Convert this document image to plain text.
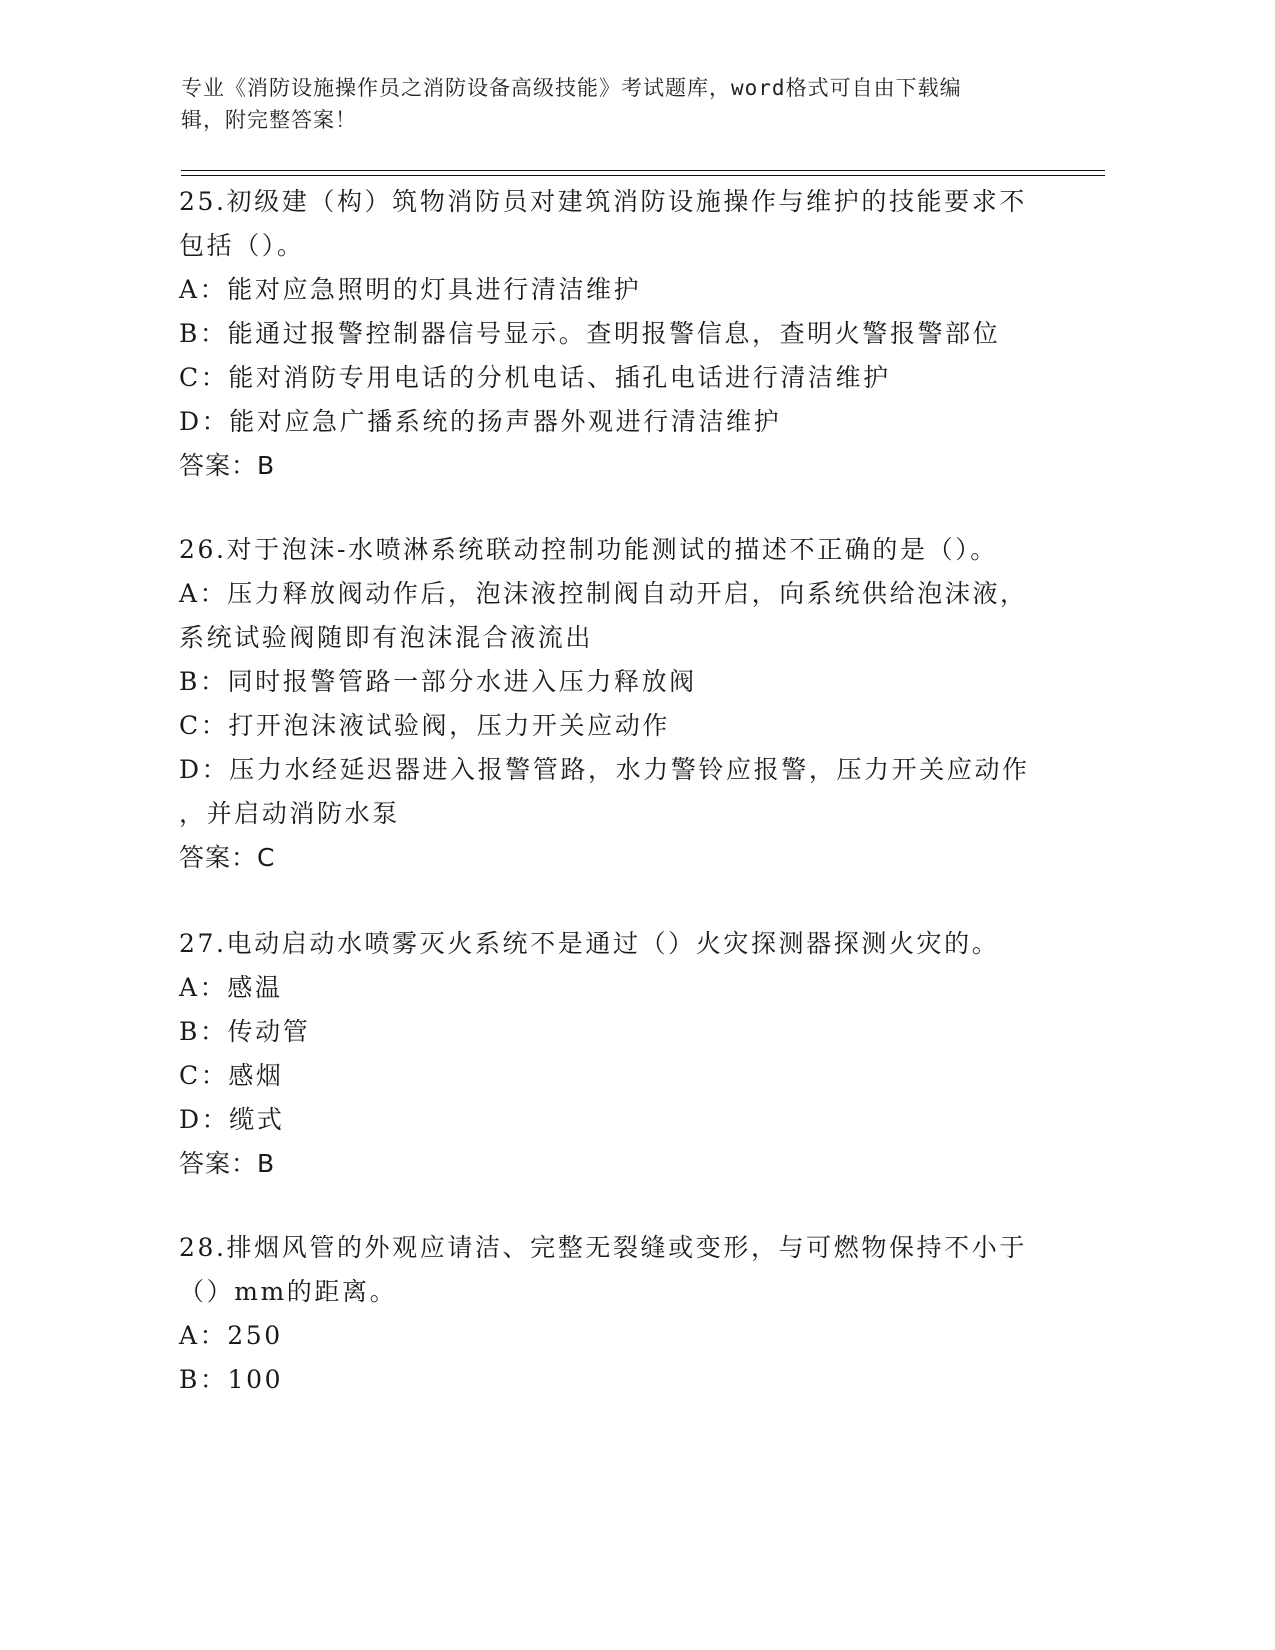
专业《消防设施操作员之消防设备高级技能》考试题库，word格式可自由下载编
辑，附完整答案！

25.初级建（构）筑物消防员对建筑消防设施操作与维护的技能要求不

包括（）。

A：能对应急照明的灯具进行清洁维护

B：能通过报警控制器信号显示。查明报警信息，查明火警报警部位

C：能对消防专用电话的分机电话、插孔电话进行清洁维护

D：能对应急广播系统的扬声器外观进行清洁维护

答案：B

26.对于泡沫-水喷淋系统联动控制功能测试的描述不正确的是（）。

A：压力释放阀动作后，泡沫液控制阀自动开启，向系统供给泡沫液，

系统试验阀随即有泡沫混合液流出

B：同时报警管路一部分水进入压力释放阀

C：打开泡沫液试验阀，压力开关应动作

D：压力水经延迟器进入报警管路，水力警铃应报警，压力开关应动作

，并启动消防水泵

答案：C

27.电动启动水喷雾灭火系统不是通过（）火灾探测器探测火灾的。

A：感温

B：传动管

C：感烟

D：缆式

答案：B

28.排烟风管的外观应请洁、完整无裂缝或变形，与可燃物保持不小于

（）mm的距离。

A：250

B：100
